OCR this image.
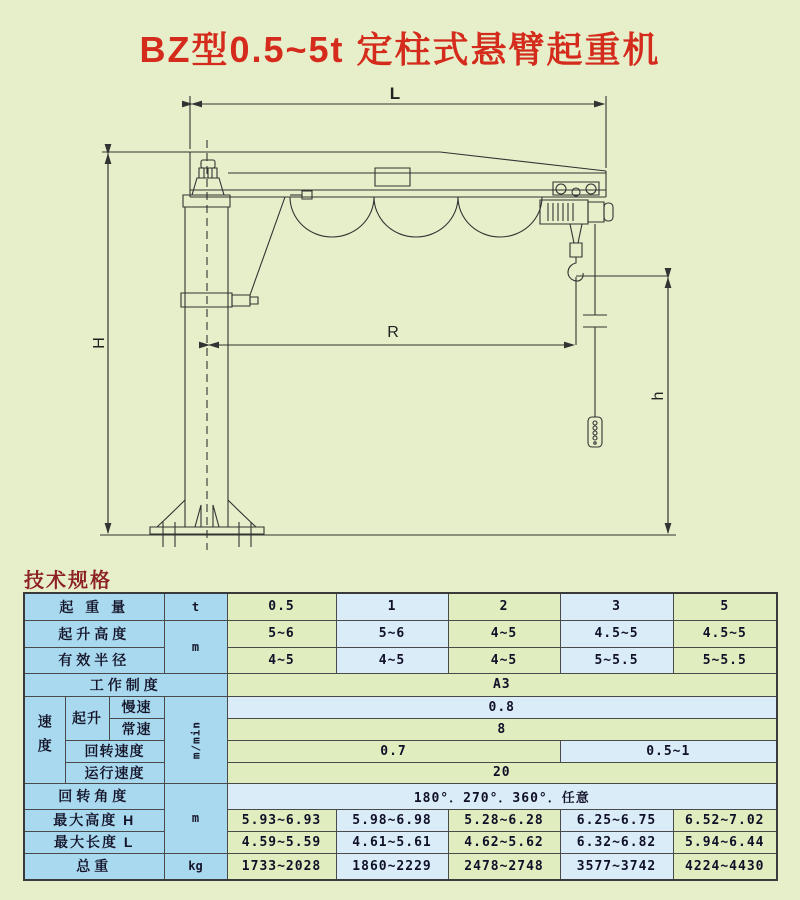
BZ型0.5~5t 定柱式悬臂起重机
L
H
R
h
技术规格
起 重 量			t	0.5	1	2	3	5
起升高度			m	5~6	5~6	4~5	4.5~5	4.5~5
有效半径				4~5	4~5	4~5	5~5.5	5~5.5
工作制度				A3				
速度	起升	慢速	m/min	0.8				
		常速		8				
	回转速度			0.7			0.5~1	
	运行速度			20				
回转角度			m	180°．270°．360°．任意				
最大高度 H				5.93~6.93	5.98~6.98	5.28~6.28	6.25~6.75	6.52~7.02
最大长度 L				4.59~5.59	4.61~5.61	4.62~5.62	6.32~6.82	5.94~6.44
总重			kg	1733~2028	1860~2229	2478~2748	3577~3742	4224~4430
